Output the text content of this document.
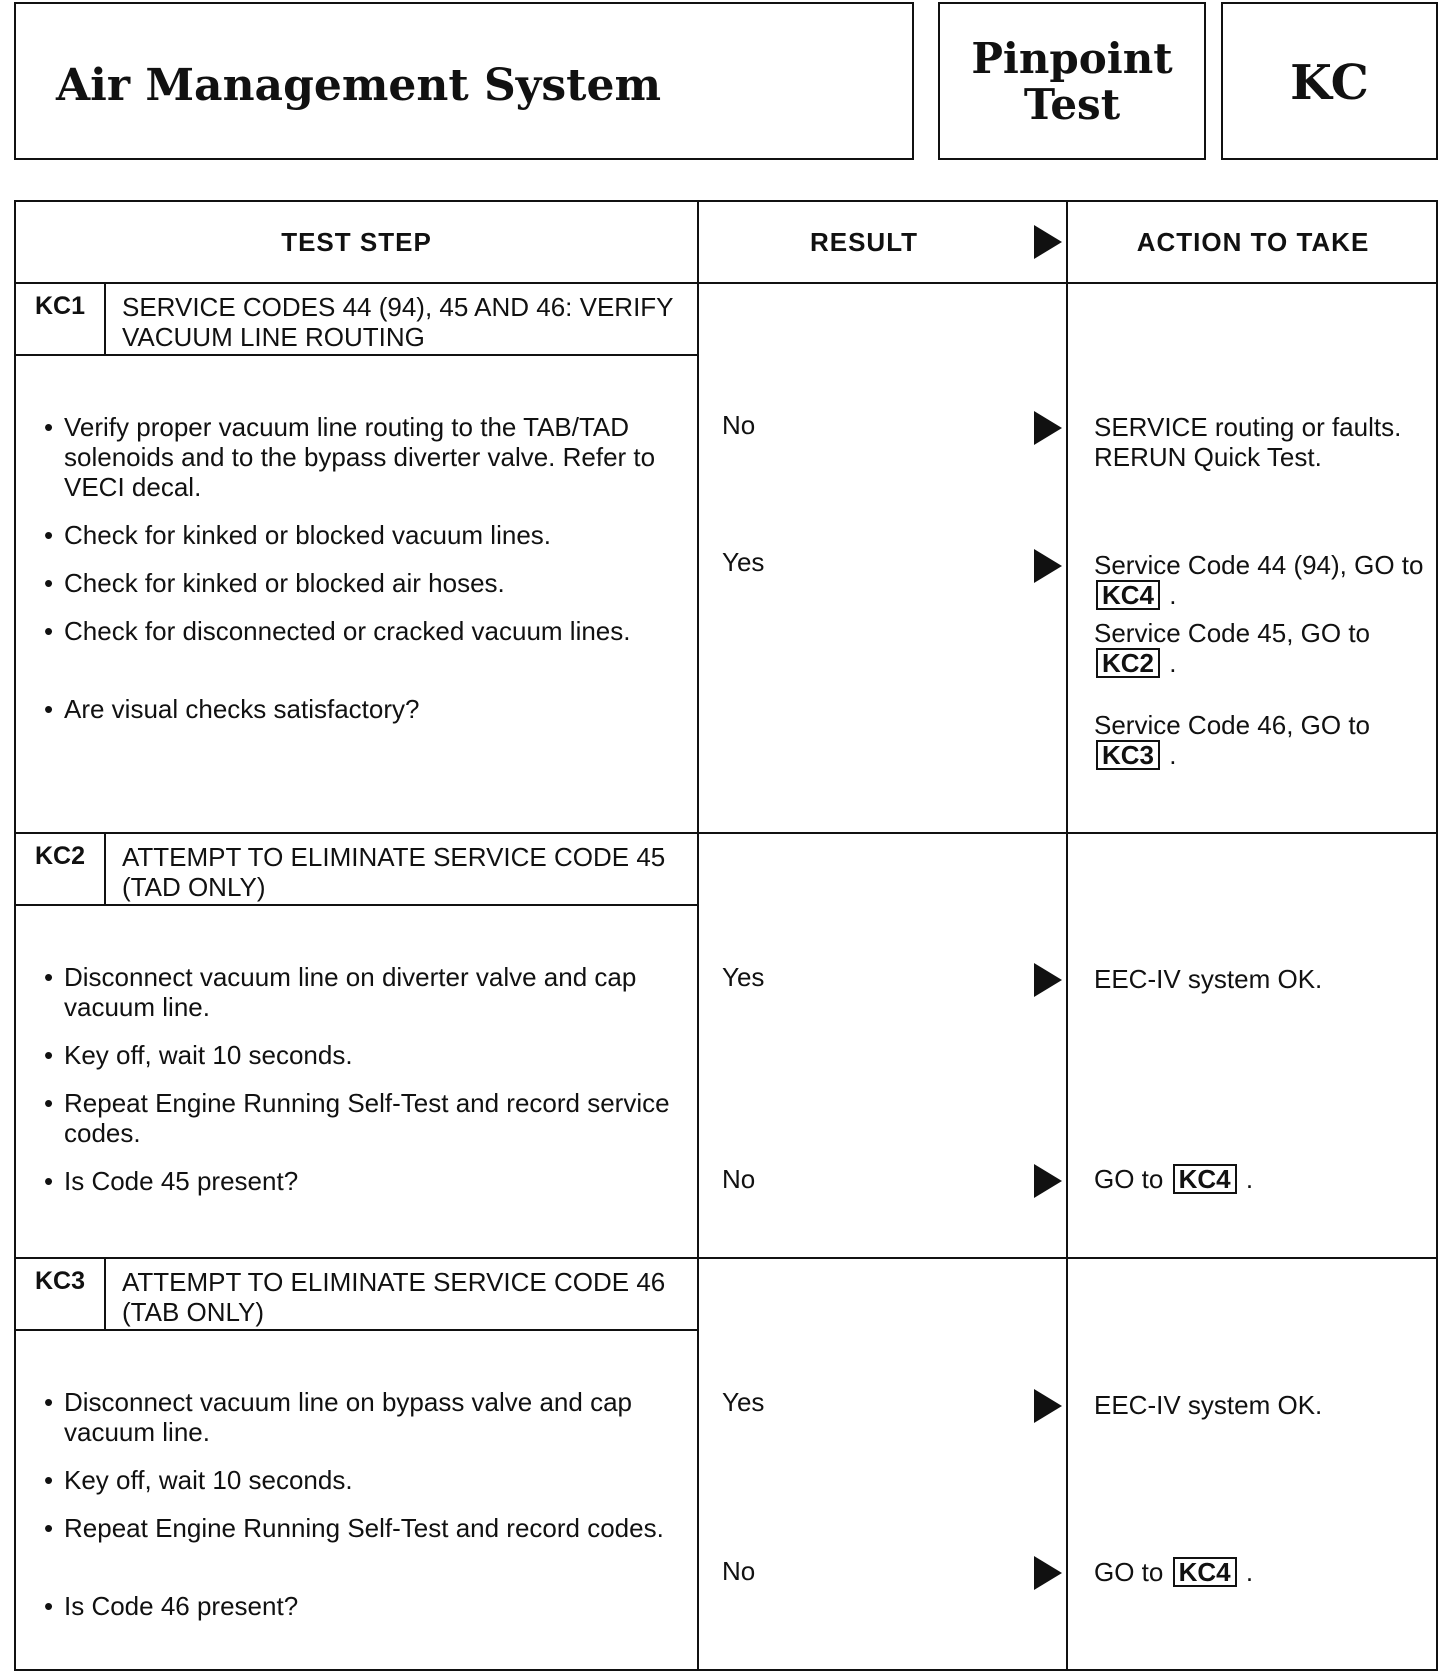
Air Management System
Pinpoint
Test	KC
TEST STEP	RESULT	ACTION TO TAKE
KC1	SERVICE CODES 44 (94), 45 AND 46: VERIFY VACUUM LINE ROUTING
• Verify proper vacuum line routing to the TAB/TAD solenoids and to the bypass diverter valve. Refer to VECI decal.
• Check for kinked or blocked vacuum lines.
• Check for kinked or blocked air hoses.
• Check for disconnected or cracked vacuum lines.
• Are visual checks satisfactory?
No	SERVICE routing or faults. RERUN Quick Test.
Yes	Service Code 44 (94), GO to KC4 .
Service Code 45, GO to KC2 .
Service Code 46, GO to KC3 .
KC2	ATTEMPT TO ELIMINATE SERVICE CODE 45 (TAD ONLY)
• Disconnect vacuum line on diverter valve and cap vacuum line.
• Key off, wait 10 seconds.
• Repeat Engine Running Self-Test and record service codes.
• Is Code 45 present?
Yes	EEC-IV system OK.
No	GO to KC4 .
KC3	ATTEMPT TO ELIMINATE SERVICE CODE 46 (TAB ONLY)
• Disconnect vacuum line on bypass valve and cap vacuum line.
• Key off, wait 10 seconds.
• Repeat Engine Running Self-Test and record codes.
• Is Code 46 present?
Yes	EEC-IV system OK.
No	GO to KC4 .
